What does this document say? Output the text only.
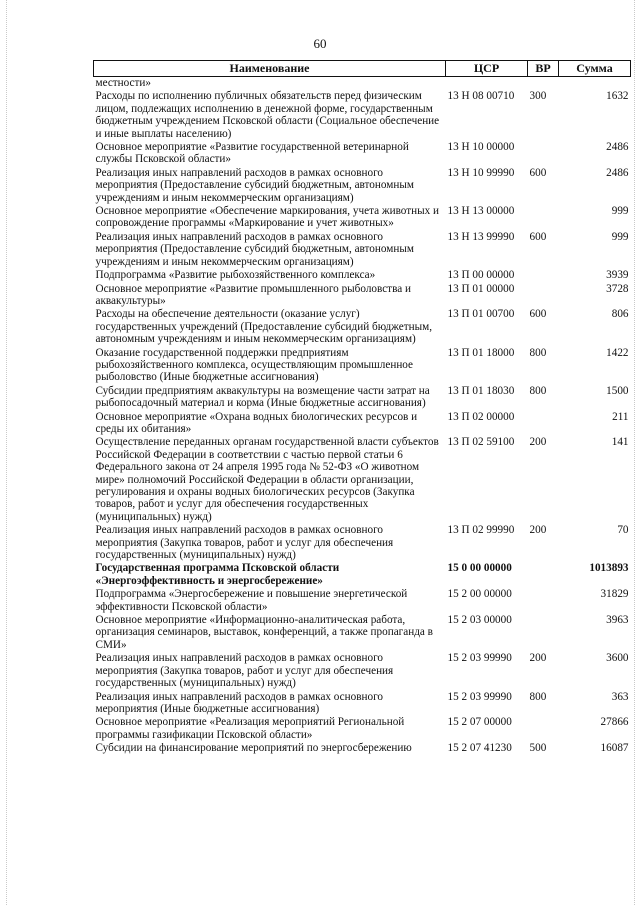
60
Наименование	ЦСР	ВР	Сумма
местности»			
Расходы по исполнению публичных обязательств перед физическим лицом, подлежащих исполнению в денежной форме, государственным бюджетным учреждением Псковской области (Социальное обеспечение и иные выплаты населению)	13 Н 08 00710	300	1632
Основное мероприятие «Развитие государственной ветеринарной службы Псковской области»	13 Н 10 00000		2486
Реализация иных направлений расходов в рамках основного мероприятия (Предоставление субсидий бюджетным, автономным учреждениям и иным некоммерческим организациям)	13 Н 10 99990	600	2486
Основное мероприятие «Обеспечение маркирования, учета животных и сопровождение программы «Маркирование и учет животных»	13 Н 13 00000		999
Реализация иных направлений расходов в рамках основного мероприятия (Предоставление субсидий бюджетным, автономным учреждениям и иным некоммерческим организациям)	13 Н 13 99990	600	999
Подпрограмма «Развитие рыбохозяйственного комплекса»	13 П 00 00000		3939
Основное мероприятие «Развитие промышленного рыболовства и аквакультуры»	13 П 01 00000		3728
Расходы на обеспечение деятельности (оказание услуг) государственных учреждений (Предоставление субсидий бюджетным, автономным учреждениям и иным некоммерческим организациям)	13 П 01 00700	600	806
Оказание государственной поддержки предприятиям рыбохозяйственного комплекса, осуществляющим промышленное рыболовство (Иные бюджетные ассигнования)	13 П 01 18000	800	1422
Субсидии предприятиям аквакультуры на возмещение части затрат на рыбопосадочный материал и корма (Иные бюджетные ассигнования)	13 П 01 18030	800	1500
Основное мероприятие «Охрана водных биологических ресурсов и среды их обитания»	13 П 02 00000		211
Осуществление переданных органам государственной власти субъектов Российской Федерации в соответствии с частью первой статьи 6 Федерального закона от 24 апреля 1995 года № 52-ФЗ «О животном мире» полномочий Российской Федерации в области организации, регулирования и охраны водных биологических ресурсов (Закупка товаров, работ и услуг для обеспечения государственных (муниципальных) нужд)	13 П 02 59100	200	141
Реализация иных направлений расходов в рамках основного мероприятия (Закупка товаров, работ и услуг для обеспечения государственных (муниципальных) нужд)	13 П 02 99990	200	70
Государственная программа Псковской области «Энергоэффективность и энергосбережение»	15 0 00 00000		1013893
Подпрограмма «Энергосбережение и повышение энергетической эффективности Псковской области»	15 2 00 00000		31829
Основное мероприятие «Информационно-аналитическая работа, организация семинаров, выставок, конференций, а также пропаганда в СМИ»	15 2 03 00000		3963
Реализация иных направлений расходов в рамках основного мероприятия (Закупка товаров, работ и услуг для обеспечения государственных (муниципальных) нужд)	15 2 03 99990	200	3600
Реализация иных направлений расходов в рамках основного мероприятия (Иные бюджетные ассигнования)	15 2 03 99990	800	363
Основное мероприятие «Реализация мероприятий Региональной программы газификации Псковской области»	15 2 07 00000		27866
Субсидии на финансирование мероприятий по энергосбережению	15 2 07 41230	500	16087
